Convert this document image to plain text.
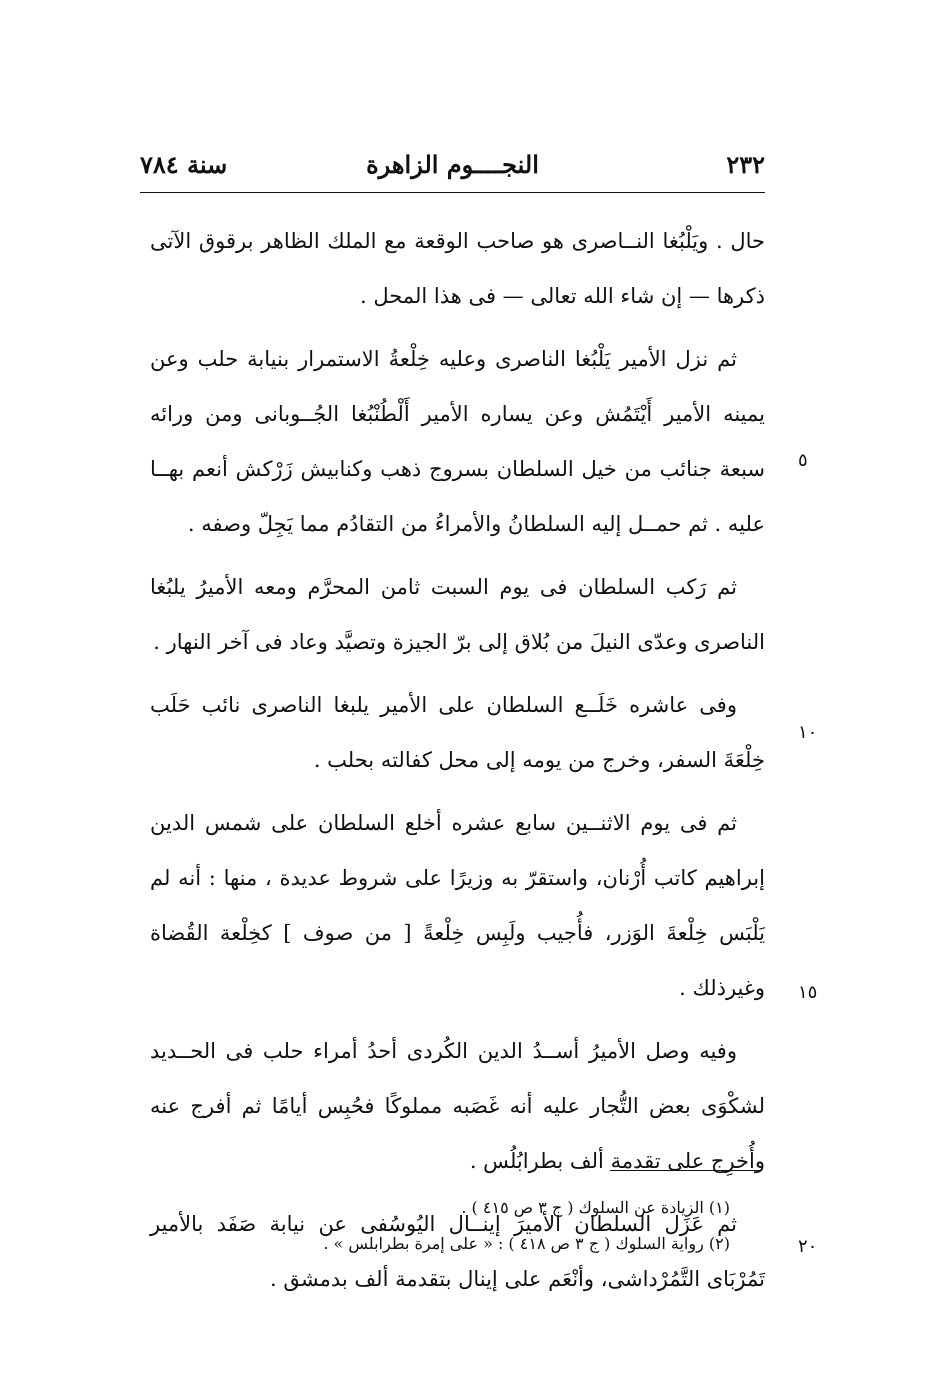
٢٣٢
النجــــوم الزاهرة
سنة ٧٨٤

حال . ويَلْبُغا النــاصرى هو صاحب الوقعة مع الملك الظاهر برقوق الآتى ذكرها — إن شاء الله تعالى — فى هذا المحل .

ثم نزل الأمير يَلْبُغا الناصرى وعليه خِلْعةُ الاستمرار بنيابة حلب وعن يمينه الأمير أَيْتَمُش وعن يساره الأمير أَلْطُنْبُغا الجُــوبانى ومن ورائه سبعة جنائب من خيل السلطان بسروج ذهب وكنابيش زَرْكش أنعم بهــا عليه . ثم حمــل إليه السلطانُ والأمراءُ من التقادُم مما يَجِلّ وصفه .

ثم رَكب السلطان فى يوم السبت ثامن المحرَّم ومعه الأميرُ يلبُغا الناصرى وعدّى النيلَ من بُلاق إلى برّ الجيزة وتصيَّد وعاد فى آخر النهار .

وفى عاشره خَلَــع السلطان على الأمير يلبغا الناصرى نائب حَلَب خِلْعَةَ السفر، وخرج من يومه إلى محل كفالته بحلب .

ثم فى يوم الاثنــين سابع عشره أخلع السلطان على شمس الدين إبراهيم كاتب أُرْنان، واستقرّ به وزيرًا على شروط عديدة ، منها : أنه لم يَلْبَس خِلْعةَ الوَزر، فأُجيب ولَبِس خِلْعةً [ من صوف ] كخِلْعة القُضاة وغيرذلك .

وفيه وصل الأميرُ أســدُ الدين الكُردى أحدُ أمراء حلب فى الحــديد لشكْوَى بعض التُّجار عليه أنه غَصَبه مملوكًا فحُبِس أيامًا ثم أفرج عنه وأُخرِج على تقدمة ألف بطرابُلُس .

ثم عَزَل السلطان الأميرَ إينــال اليُوسُفى عن نيابة صَفَد بالأمير تَمُرْبَاى التَّمُرْداشى، وأنْعَم على إينال بتقدمة ألف بدمشق .

٥
١٠
١٥
٢٠
(١) الزيادة عن السلوك ( ج ٣ ص ٤١٥ ) .
(٢) رواية السلوك ( ج ٣ ص ٤١٨ ) : « على إمرة بطرابلس » .
